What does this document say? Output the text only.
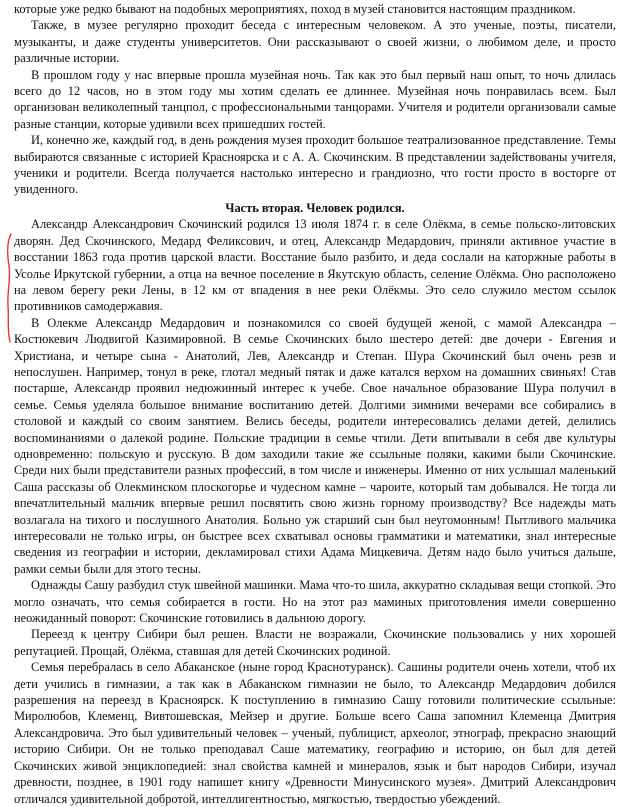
которые уже редко бывают на подобных мероприятиях, поход в музей становится настоящим праздником.

Также, в музее регулярно проходит беседа с интересным человеком. А это ученые, поэты, писатели, музыканты, и даже студенты университетов. Они рассказывают о своей жизни, о любимом деле, и просто различные истории.

В прошлом году у нас впервые прошла музейная ночь. Так как это был первый наш опыт, то ночь длилась всего до 12 часов, но в этом году мы хотим сделать ее длиннее. Музейная ночь понравилась всем. Был организован великолепный танцпол, с профессиональными танцорами. Учителя и родители организовали самые разные станции, которые удивили всех пришедших гостей.

И, конечно же, каждый год, в день рождения музея проходит большое театрализованное представление. Темы выбираются связанные с историей Красноярска и с А. А. Скочинским. В представлении задействованы учителя, ученики и родители. Всегда получается настолько интересно и грандиозно, что гости просто в восторге от увиденного.

Часть вторая. Человек родился.

Александр Александрович Скочинский родился 13 июля 1874 г. в селе Олёкма, в семье польско-литовских дворян. Дед Скочинского, Медард Феликсович, и отец, Александр Медардович, приняли активное участие в восстании 1863 года против царской власти. Восстание было разбито, и деда сослали на каторжные работы в Усолье Иркутской губернии, а отца на вечное поселение в Якутскую область, селение Олёкма. Оно расположено на левом берегу реки Лены, в 12 км от впадения в нее реки Олёкмы. Это село служило местом ссылок противников самодержавия.

В Олекме Александр Медардович и познакомился со своей будущей женой, с мамой Александра – Костюкевич Людвигой Казимировной. В семье Скочинских было шестеро детей: две дочери - Евгения и Христиана, и четыре сына - Анатолий, Лев, Александр и Степан. Шура Скочинский был очень резв и непослушен. Например, тонул в реке, глотал медный пятак и даже катался верхом на домашних свиньях! Став постарше, Александр проявил недюжинный интерес к учебе. Свое начальное образование Шура получил в семье. Семья уделяла большое внимание воспитанию детей. Долгими зимними вечерами все собирались в столовой и каждый со своим занятием. Велись беседы, родители интересовались делами детей, делились воспоминаниями о далекой родине. Польские традиции в семье чтили. Дети впитывали в себя две культуры одновременно: польскую и русскую. В дом заходили такие же ссыльные поляки, какими были Скочинские. Среди них были представители разных профессий, в том числе и инженеры. Именно от них услышал маленький Саша рассказы об Олекминском плоскогорье и чудесном камне – чароите, который там добывался. Не тогда ли впечатлительный мальчик впервые решил посвятить свою жизнь горному производству? Все надежды мать возлагала на тихого и послушного Анатолия. Больно уж старший сын был неугомонным! Пытливого мальчика интересовали не только игры, он быстрее всех схватывал основы грамматики и математики, знал интересные сведения из географии и истории, декламировал стихи Адама Мицкевича. Детям надо было учиться дальше, рамки семьи были для этого тесны.

Однажды Сашу разбудил стук швейной машинки. Мама что-то шила, аккуратно складывая вещи стопкой. Это могло означать, что семья собирается в гости. Но на этот раз маминых приготовления имели совершенно неожиданный поворот: Скочинские готовились в дальнюю дорогу.

Переезд к центру Сибири был решен. Власти не возражали, Скочинские пользовались у них хорошей репутацией. Прощай, Олёкма, ставшая для детей Скочинских родиной.

Семья перебралась в село Абаканское (ныне город Краснотуранск). Сашины родители очень хотели, чтоб их дети учились в гимназии, а так как в Абаканском гимназии не было, то Александр Медардович добился разрешения на переезд в Красноярск. К поступлению в гимназию Сашу готовили политические ссыльные: Миролюбов, Клеменц, Вивтошевская, Мейзер и другие. Больше всего Саша запомнил Клеменца Дмитрия Александровича. Это был удивительный человек – ученый, публицист, археолог, этнограф, прекрасно знающий историю Сибири. Он не только преподавал Саше математику, географию и историю, он был для детей Скочинских живой энциклопедией: знал свойства камней и минералов, язык и быт народов Сибири, изучал древности, позднее, в 1901 году напишет книгу «Древности Минусинского музея». Дмитрий Александрович отличался удивительной добротой, интеллигентностью, мягкостью, твердостью убеждений.
